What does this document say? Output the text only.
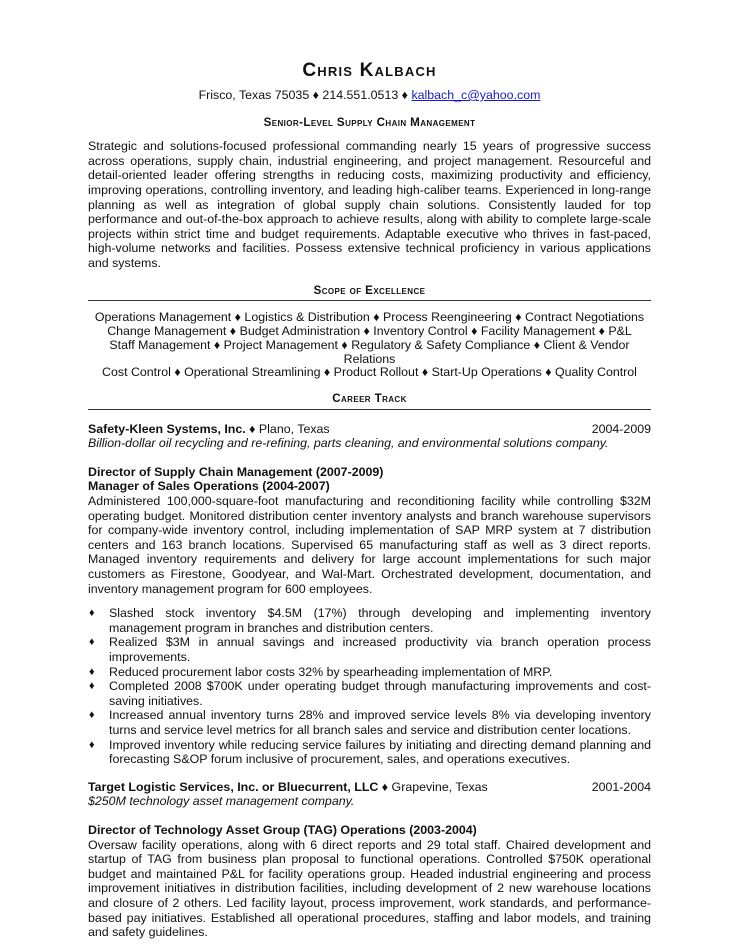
Chris Kalbach
Frisco, Texas 75035 ♦ 214.551.0513 ♦ kalbach_c@yahoo.com
Senior-Level Supply Chain Management
Strategic and solutions-focused professional commanding nearly 15 years of progressive success across operations, supply chain, industrial engineering, and project management. Resourceful and detail-oriented leader offering strengths in reducing costs, maximizing productivity and efficiency, improving operations, controlling inventory, and leading high-caliber teams. Experienced in long-range planning as well as integration of global supply chain solutions. Consistently lauded for top performance and out-of-the-box approach to achieve results, along with ability to complete large-scale projects within strict time and budget requirements. Adaptable executive who thrives in fast-paced, high-volume networks and facilities. Possess extensive technical proficiency in various applications and systems.
Scope of Excellence
Operations Management ♦ Logistics & Distribution ♦ Process Reengineering ♦ Contract Negotiations
Change Management ♦ Budget Administration ♦ Inventory Control ♦ Facility Management ♦ P&L
Staff Management ♦ Project Management ♦ Regulatory & Safety Compliance ♦ Client & Vendor Relations
Cost Control ♦ Operational Streamlining ♦ Product Rollout ♦ Start-Up Operations ♦ Quality Control
Career Track
Safety-Kleen Systems, Inc. ♦ Plano, Texas	2004-2009
Billion-dollar oil recycling and re-refining, parts cleaning, and environmental solutions company.
Director of Supply Chain Management (2007-2009)
Manager of Sales Operations (2004-2007)
Administered 100,000-square-foot manufacturing and reconditioning facility while controlling $32M operating budget. Monitored distribution center inventory analysts and branch warehouse supervisors for company-wide inventory control, including implementation of SAP MRP system at 7 distribution centers and 163 branch locations. Supervised 65 manufacturing staff as well as 3 direct reports. Managed inventory requirements and delivery for large account implementations for such major customers as Firestone, Goodyear, and Wal-Mart. Orchestrated development, documentation, and inventory management program for 600 employees.
♦ Slashed stock inventory $4.5M (17%) through developing and implementing inventory management program in branches and distribution centers.
♦ Realized $3M in annual savings and increased productivity via branch operation process improvements.
♦ Reduced procurement labor costs 32% by spearheading implementation of MRP.
♦ Completed 2008 $700K under operating budget through manufacturing improvements and cost-saving initiatives.
♦ Increased annual inventory turns 28% and improved service levels 8% via developing inventory turns and service level metrics for all branch sales and service and distribution center locations.
♦ Improved inventory while reducing service failures by initiating and directing demand planning and forecasting S&OP forum inclusive of procurement, sales, and operations executives.
Target Logistic Services, Inc. or Bluecurrent, LLC ♦ Grapevine, Texas	2001-2004
$250M technology asset management company.
Director of Technology Asset Group (TAG) Operations (2003-2004)
Oversaw facility operations, along with 6 direct reports and 29 total staff. Chaired development and startup of TAG from business plan proposal to functional operations. Controlled $750K operational budget and maintained P&L for facility operations group. Headed industrial engineering and process improvement initiatives in distribution facilities, including development of 2 new warehouse locations and closure of 2 others. Led facility layout, process improvement, work standards, and performance-based pay initiatives. Established all operational procedures, staffing and labor models, and training and safety guidelines.
